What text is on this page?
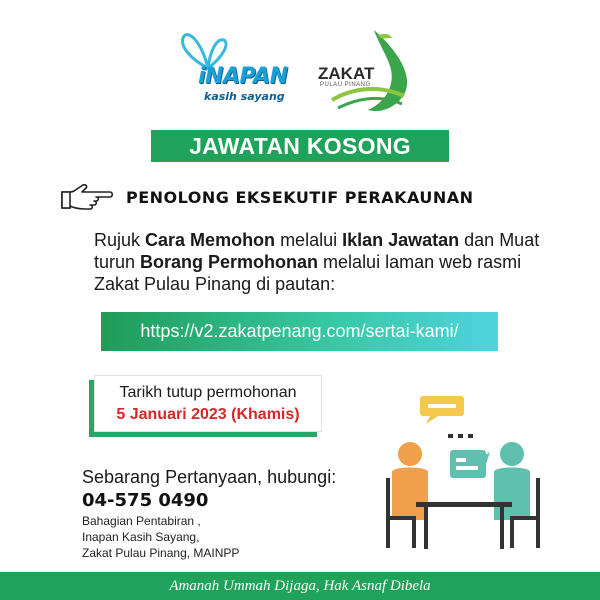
iNAPAN
kasih sayang
ZAKAT
PULAU PINANG
JAWATAN KOSONG
PENOLONG EKSEKUTIF PERAKAUNAN
Rujuk Cara Memohon melalui Iklan Jawatan dan Muat turun Borang Permohonan melalui laman web rasmi Zakat Pulau Pinang di pautan:
https://v2.zakatpenang.com/sertai-kami/
Tarikh tutup permohonan
5 Januari 2023 (Khamis)
Sebarang Pertanyaan, hubungi:
04-575 0490
Bahagian Pentabiran ,
Inapan Kasih Sayang,
Zakat Pulau Pinang, MAINPP
Amanah Ummah Dijaga, Hak Asnaf Dibela
